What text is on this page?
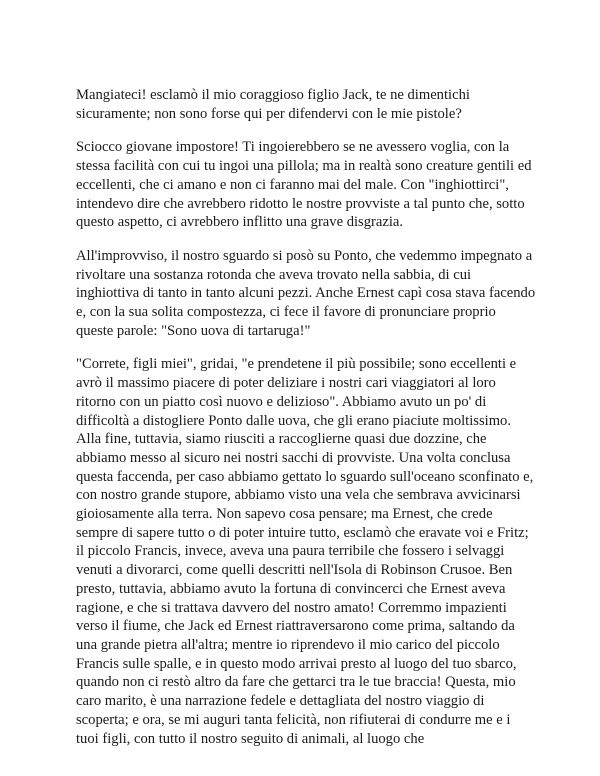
Mangiateci! esclamò il mio coraggioso figlio Jack, te ne dimentichi sicuramente; non sono forse qui per difendervi con le mie pistole?

Sciocco giovane impostore! Ti ingoierebbero se ne avessero voglia, con la stessa facilità con cui tu ingoi una pillola; ma in realtà sono creature gentili ed eccellenti, che ci amano e non ci faranno mai del male. Con "inghiottirci", intendevo dire che avrebbero ridotto le nostre provviste a tal punto che, sotto questo aspetto, ci avrebbero inflitto una grave disgrazia.

All'improvviso, il nostro sguardo si posò su Ponto, che vedemmo impegnato a rivoltare una sostanza rotonda che aveva trovato nella sabbia, di cui inghiottiva di tanto in tanto alcuni pezzi. Anche Ernest capì cosa stava facendo e, con la sua solita compostezza, ci fece il favore di pronunciare proprio queste parole: "Sono uova di tartaruga!"

"Correte, figli miei", gridai, "e prendetene il più possibile; sono eccellenti e avrò il massimo piacere di poter deliziare i nostri cari viaggiatori al loro ritorno con un piatto così nuovo e delizioso". Abbiamo avuto un po' di difficoltà a distogliere Ponto dalle uova, che gli erano piaciute moltissimo. Alla fine, tuttavia, siamo riusciti a raccoglierne quasi due dozzine, che abbiamo messo al sicuro nei nostri sacchi di provviste. Una volta conclusa questa faccenda, per caso abbiamo gettato lo sguardo sull'oceano sconfinato e, con nostro grande stupore, abbiamo visto una vela che sembrava avvicinarsi gioiosamente alla terra. Non sapevo cosa pensare; ma Ernest, che crede sempre di sapere tutto o di poter intuire tutto, esclamò che eravate voi e Fritz; il piccolo Francis, invece, aveva una paura terribile che fossero i selvaggi venuti a divorarci, come quelli descritti nell'Isola di Robinson Crusoe. Ben presto, tuttavia, abbiamo avuto la fortuna di convincerci che Ernest aveva ragione, e che si trattava davvero del nostro amato! Corremmo impazienti verso il fiume, che Jack ed Ernest riattraversarono come prima, saltando da una grande pietra all'altra; mentre io riprendevo il mio carico del piccolo Francis sulle spalle, e in questo modo arrivai presto al luogo del tuo sbarco, quando non ci restò altro da fare che gettarci tra le tue braccia! Questa, mio caro marito, è una narrazione fedele e dettagliata del nostro viaggio di scoperta; e ora, se mi auguri tanta felicità, non rifiuterai di condurre me e i tuoi figli, con tutto il nostro seguito di animali, al luogo che
